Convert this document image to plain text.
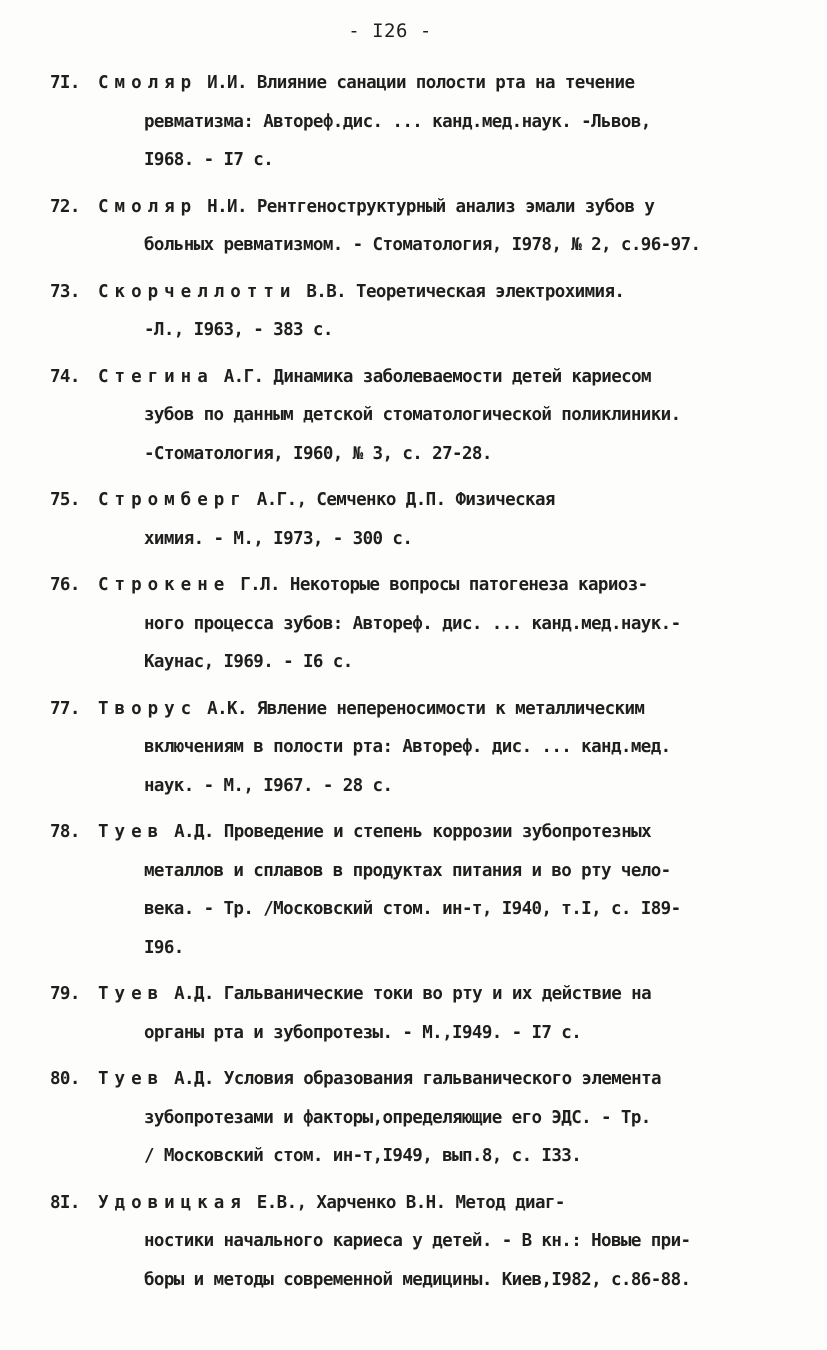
- I26 -
7I.	Смоляр И.И. Влияние санации полости рта на течение
ревматизма: Автореф.дис. ... канд.мед.наук. -Львов,
I968. - I7 с.
72.	Смоляр Н.И. Рентгеноструктурный анализ эмали зубов у
больных ревматизмом. - Стоматология, I978, № 2, с.96-97.
73.	Скорчеллотти В.В. Теоретическая электрохимия.
-Л., I963, - 383 с.
74.	Стегина А.Г. Динамика заболеваемости детей кариесом
зубов по данным детской стоматологической поликлиники.
-Стоматология, I960, № 3, с. 27-28.
75.	Стромберг А.Г., Семченко Д.П. Физическая
химия. - М., I973, - 300 с.
76.	Строкене Г.Л. Некоторые вопросы патогенеза кариоз-
ного процесса зубов: Автореф. дис. ... канд.мед.наук.-
Каунас, I969. - I6 с.
77.	Творус А.К. Явление непереносимости к металлическим
включениям в полости рта: Автореф. дис. ... канд.мед.
наук. - М., I967. - 28 с.
78.	Туев А.Д. Проведение и степень коррозии зубопротезных
металлов и сплавов в продуктах питания и во рту чело-
века. - Тр. /Московский стом. ин-т, I940, т.I, с. I89-
I96.
79.	Туев А.Д. Гальванические токи во рту и их действие на
органы рта и зубопротезы. - М.,I949. - I7 с.
80.	Туев А.Д. Условия образования гальванического элемента
зубопротезами и факторы,определяющие его ЭДС. - Тр.
/ Московский стом. ин-т,I949, вып.8, с. I33.
8I.	Удовицкая Е.В., Харченко В.Н. Метод диаг-
ностики начального кариеса у детей. - В кн.: Новые при-
боры и методы современной медицины. Киев,I982, с.86-88.
